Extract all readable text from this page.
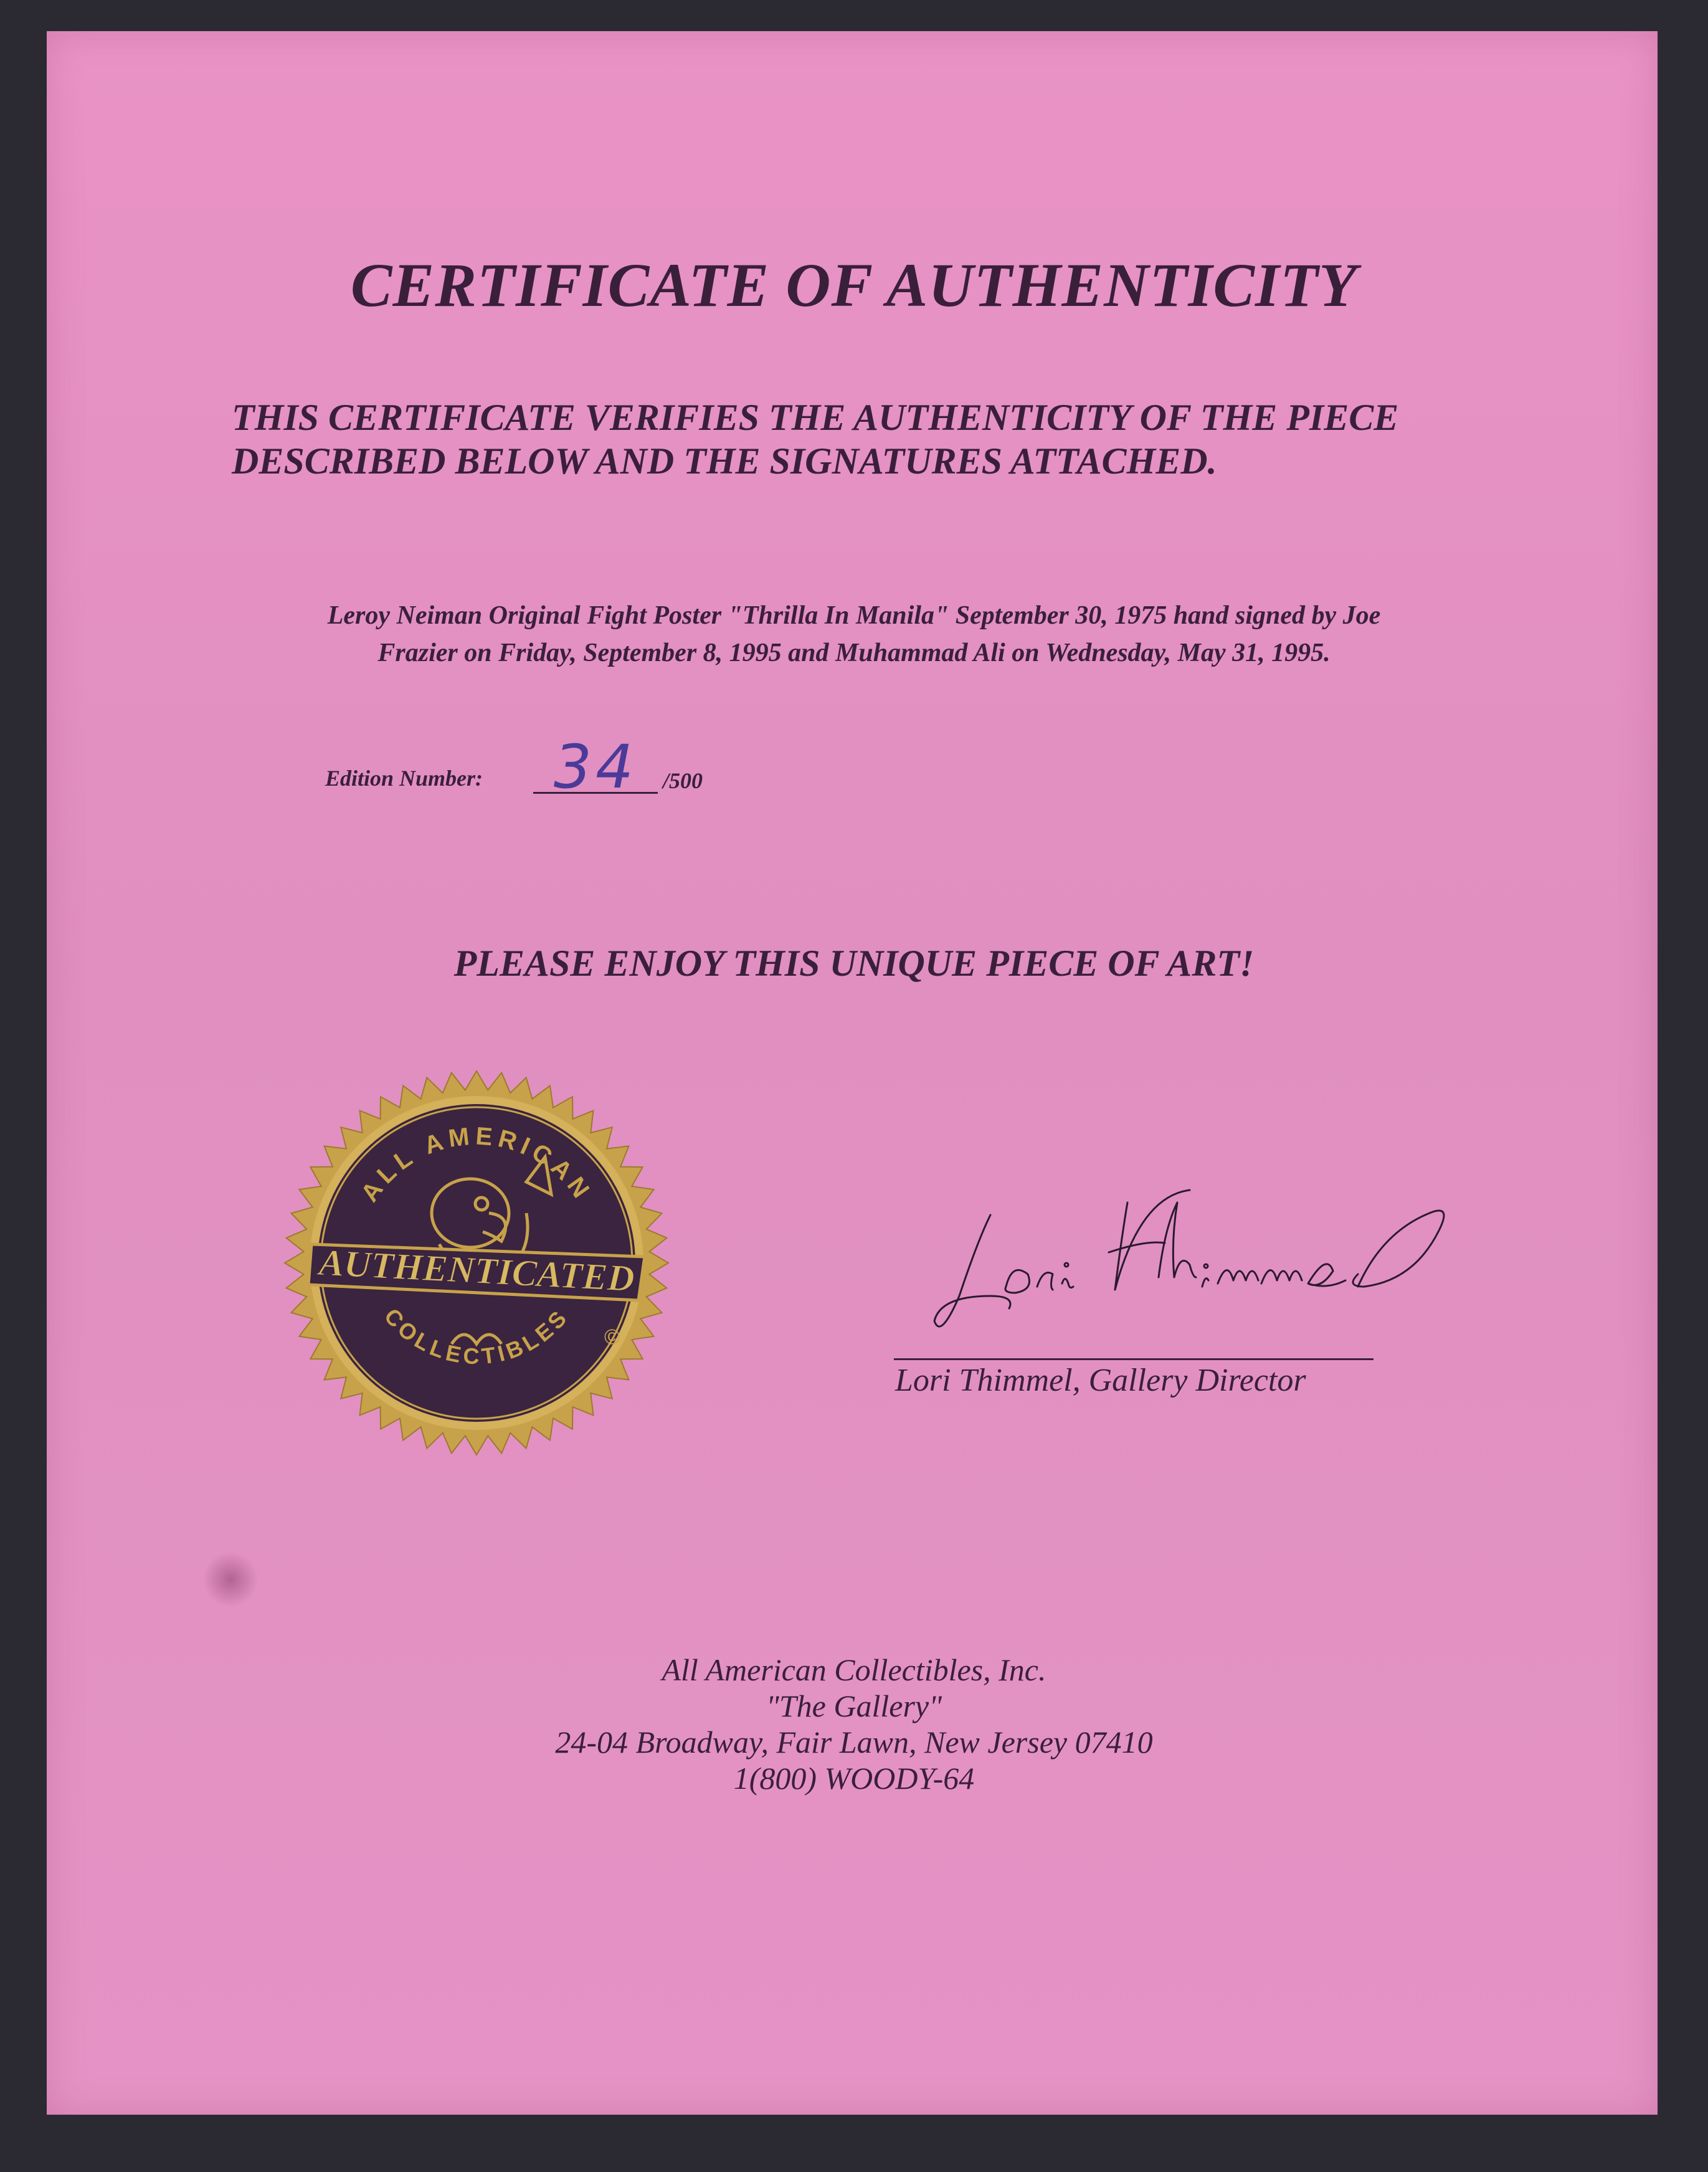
CERTIFICATE OF AUTHENTICITY
THIS CERTIFICATE VERIFIES THE AUTHENTICITY OF THE PIECE
DESCRIBED BELOW AND THE SIGNATURES ATTACHED.
Leroy Neiman Original Fight Poster "Thrilla In Manila" September 30, 1975 hand signed by Joe
Frazier on Friday, September 8, 1995 and Muhammad Ali on Wednesday, May 31, 1995.
Edition Number:	34	/500
PLEASE ENJOY THIS UNIQUE PIECE OF ART!
ALL AMERICAN
COLLECTIBLES
AUTHENTICATED
©
Lori Thimmel, Gallery Director
All American Collectibles, Inc.
"The Gallery"
24-04 Broadway, Fair Lawn, New Jersey 07410
1(800) WOODY-64
